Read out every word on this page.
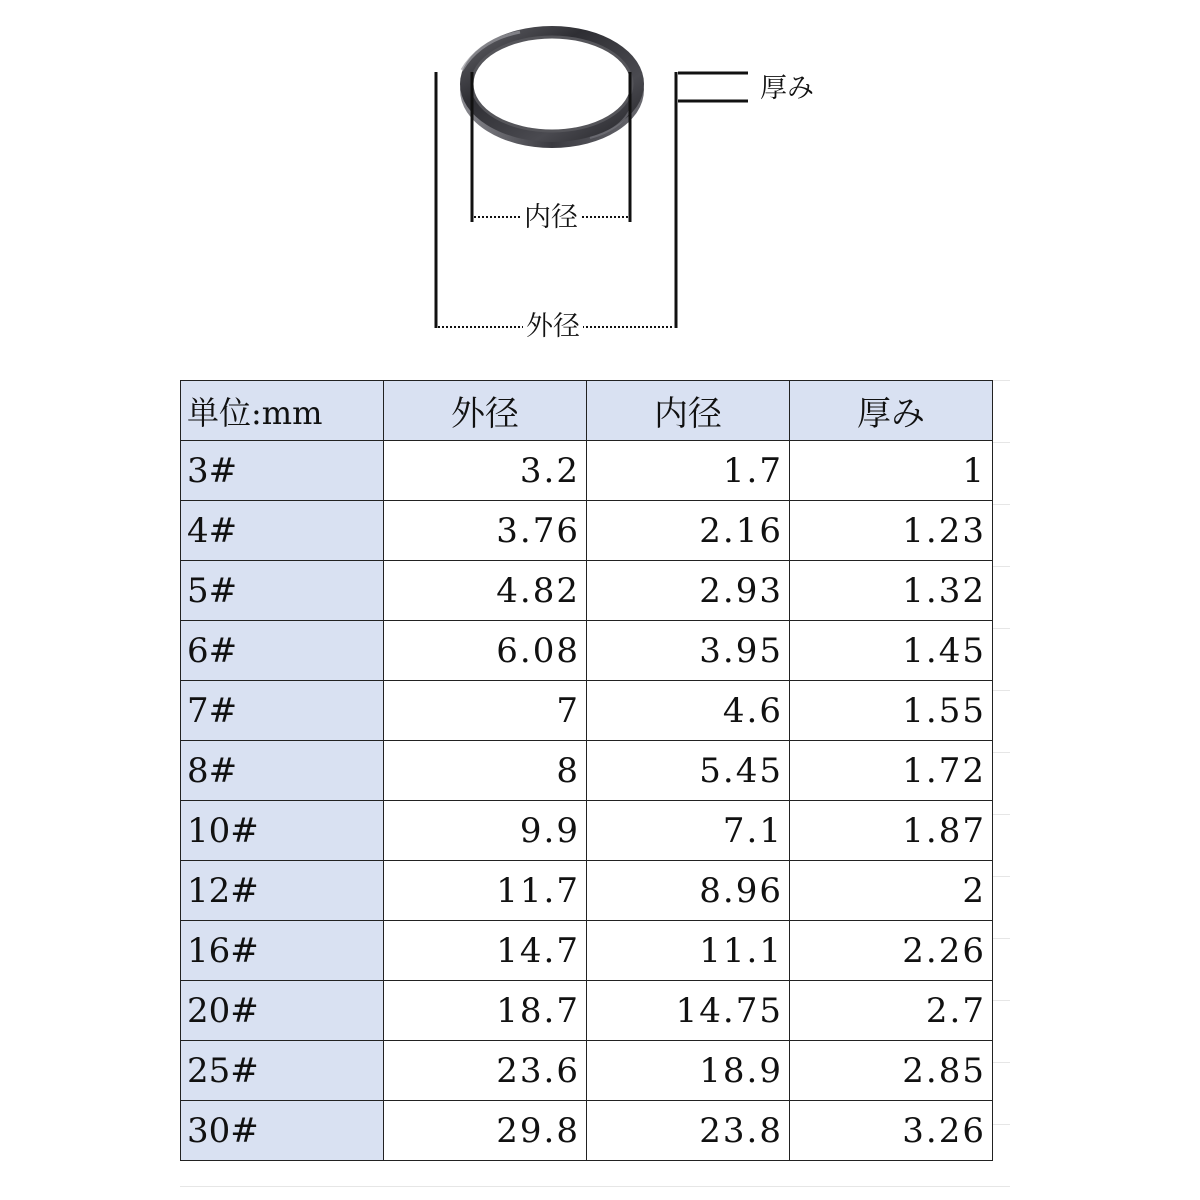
厚み
内径
外径
単位:mm	外径	内径	厚み
3#	3.2	1.7	1
4#	3.76	2.16	1.23
5#	4.82	2.93	1.32
6#	6.08	3.95	1.45
7#	7	4.6	1.55
8#	8	5.45	1.72
10#	9.9	7.1	1.87
12#	11.7	8.96	2
16#	14.7	11.1	2.26
20#	18.7	14.75	2.7
25#	23.6	18.9	2.85
30#	29.8	23.8	3.26
